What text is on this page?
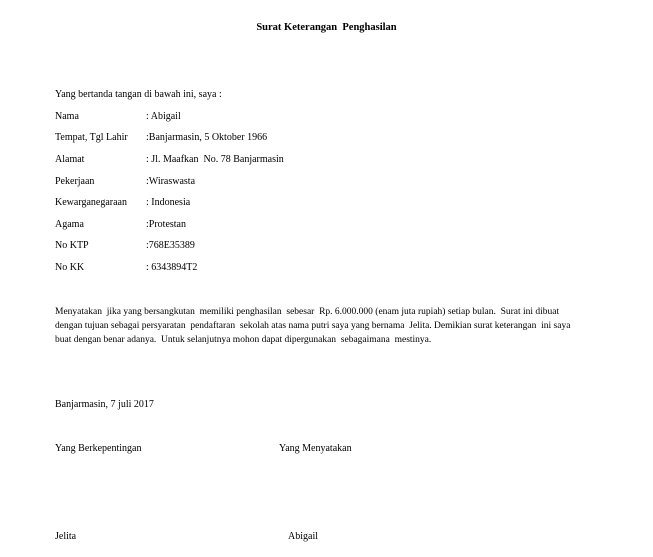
Surat Keterangan  Penghasilan
Yang bertanda tangan di bawah ini, saya :
Nama	: Abigail
Tempat, Tgl Lahir :Banjarmasin, 5 Oktober 1966
Alamat	: Jl. Maafkan  No. 78 Banjarmasin
Pekerjaan	:Wiraswasta
Kewarganegaraan : Indonesia
Agama	:Protestan
No KTP	:768E35389
No KK	: 6343894T2
Menyatakan  jika yang bersangkutan  memiliki penghasilan  sebesar  Rp. 6.000.000 (enam juta rupiah) setiap bulan.  Surat ini dibuat
dengan tujuan sebagai persyaratan  pendaftaran  sekolah atas nama putri saya yang bernama  Jelita. Demikian surat keterangan  ini saya
buat dengan benar adanya.  Untuk selanjutnya mohon dapat dipergunakan  sebagaimana  mestinya.
Banjarmasin, 7 juli 2017
Yang Berkepentingan	Yang Menyatakan
Jelita	Abigail
